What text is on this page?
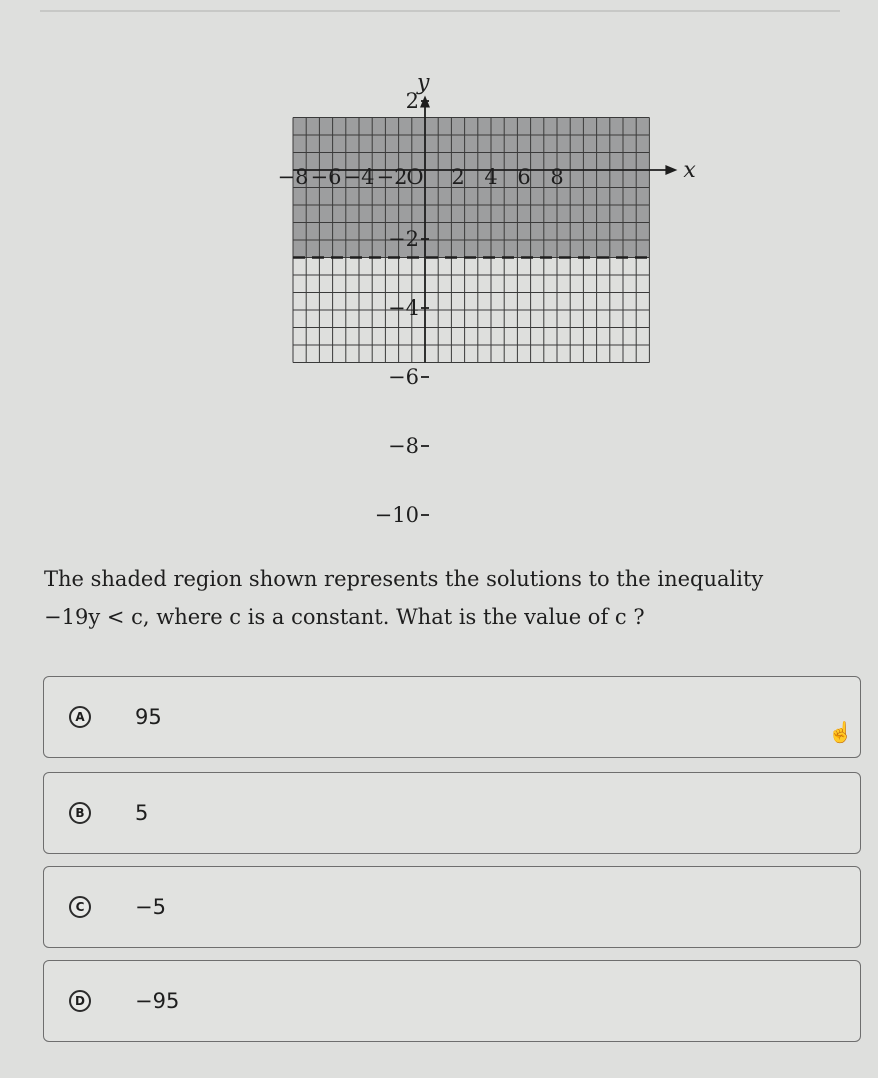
x
y
−8 −6 −4 −2 2 4 6 8
O
2
−2
−4
−6
−8
−10
The shaded region shown represents the solutions to the inequality
−19y < c, where c is a constant. What is the value of c ?
A	95
B	5
C	−5
D −95
☝
